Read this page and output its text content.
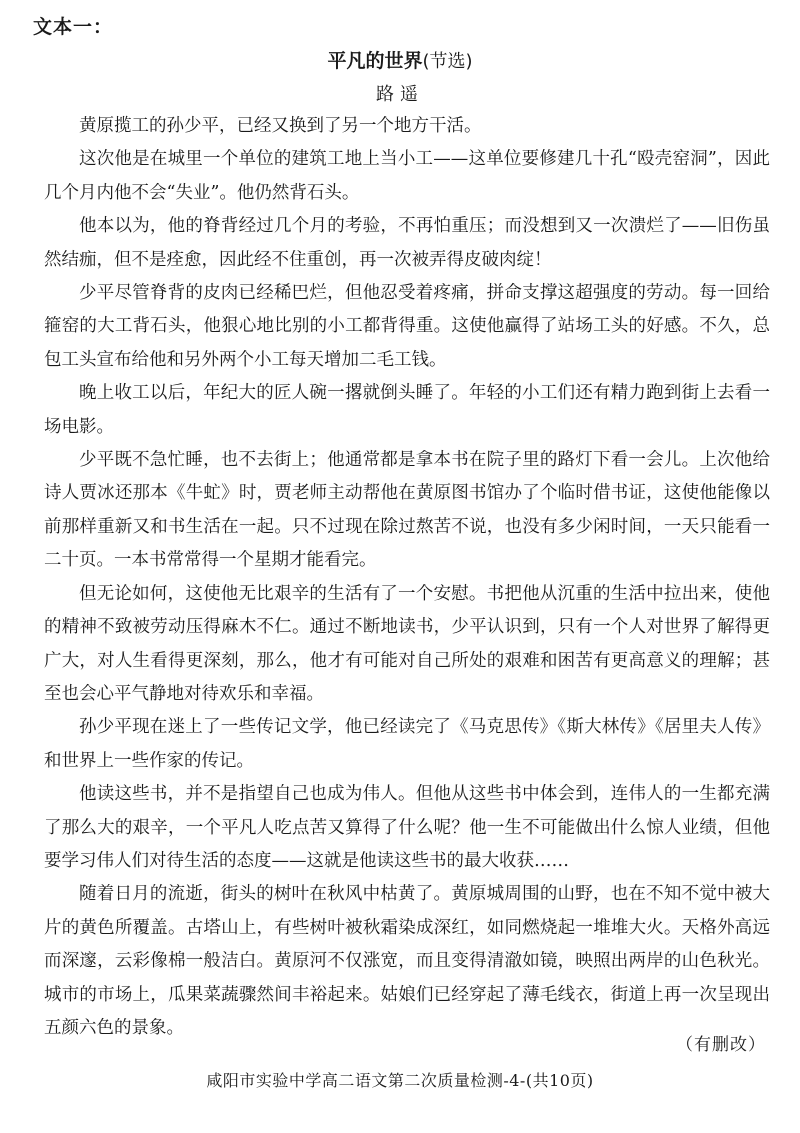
文本一：
平凡的世界(节选)
路遥

黄原揽工的孙少平，已经又换到了另一个地方干活。

这次他是在城里一个单位的建筑工地上当小工——这单位要修建几十孔“殴壳窑洞”，因此几个月内他不会“失业”。他仍然背石头。

他本以为，他的脊背经过几个月的考验，不再怕重压；而没想到又一次溃烂了——旧伤虽然结痂，但不是痊愈，因此经不住重创，再一次被弄得皮破肉绽！

少平尽管脊背的皮肉已经稀巴烂，但他忍受着疼痛，拼命支撑这超强度的劳动。每一回给箍窑的大工背石头，他狠心地比别的小工都背得重。这使他赢得了站场工头的好感。不久，总包工头宣布给他和另外两个小工每天增加二毛工钱。

晚上收工以后，年纪大的匠人碗一撂就倒头睡了。年轻的小工们还有精力跑到街上去看一场电影。

少平既不急忙睡，也不去街上；他通常都是拿本书在院子里的路灯下看一会儿。上次他给诗人贾冰还那本《牛虻》时，贾老师主动帮他在黄原图书馆办了个临时借书证，这使他能像以前那样重新又和书生活在一起。只不过现在除过熬苦不说，也没有多少闲时间，一天只能看一二十页。一本书常常得一个星期才能看完。

但无论如何，这使他无比艰辛的生活有了一个安慰。书把他从沉重的生活中拉出来，使他的精神不致被劳动压得麻木不仁。通过不断地读书，少平认识到，只有一个人对世界了解得更广大，对人生看得更深刻，那么，他才有可能对自己所处的艰难和困苦有更高意义的理解；甚至也会心平气静地对待欢乐和幸福。

孙少平现在迷上了一些传记文学，他已经读完了《马克思传》《斯大林传》《居里夫人传》和世界上一些作家的传记。

他读这些书，并不是指望自己也成为伟人。但他从这些书中体会到，连伟人的一生都充满了那么大的艰辛，一个平凡人吃点苦又算得了什么呢？他一生不可能做出什么惊人业绩，但他要学习伟人们对待生活的态度——这就是他读这些书的最大收获……

随着日月的流逝，街头的树叶在秋风中枯黄了。黄原城周围的山野，也在不知不觉中被大片的黄色所覆盖。古塔山上，有些树叶被秋霜染成深红，如同燃烧起一堆堆大火。天格外高远而深邃，云彩像棉一般洁白。黄原河不仅涨宽，而且变得清澈如镜，映照出两岸的山色秋光。城市的市场上，瓜果菜蔬骤然间丰裕起来。姑娘们已经穿起了薄毛线衣，街道上再一次呈现出五颜六色的景象。

（有删改）
咸阳市实验中学高二语文第二次质量检测-4-(共10页)
